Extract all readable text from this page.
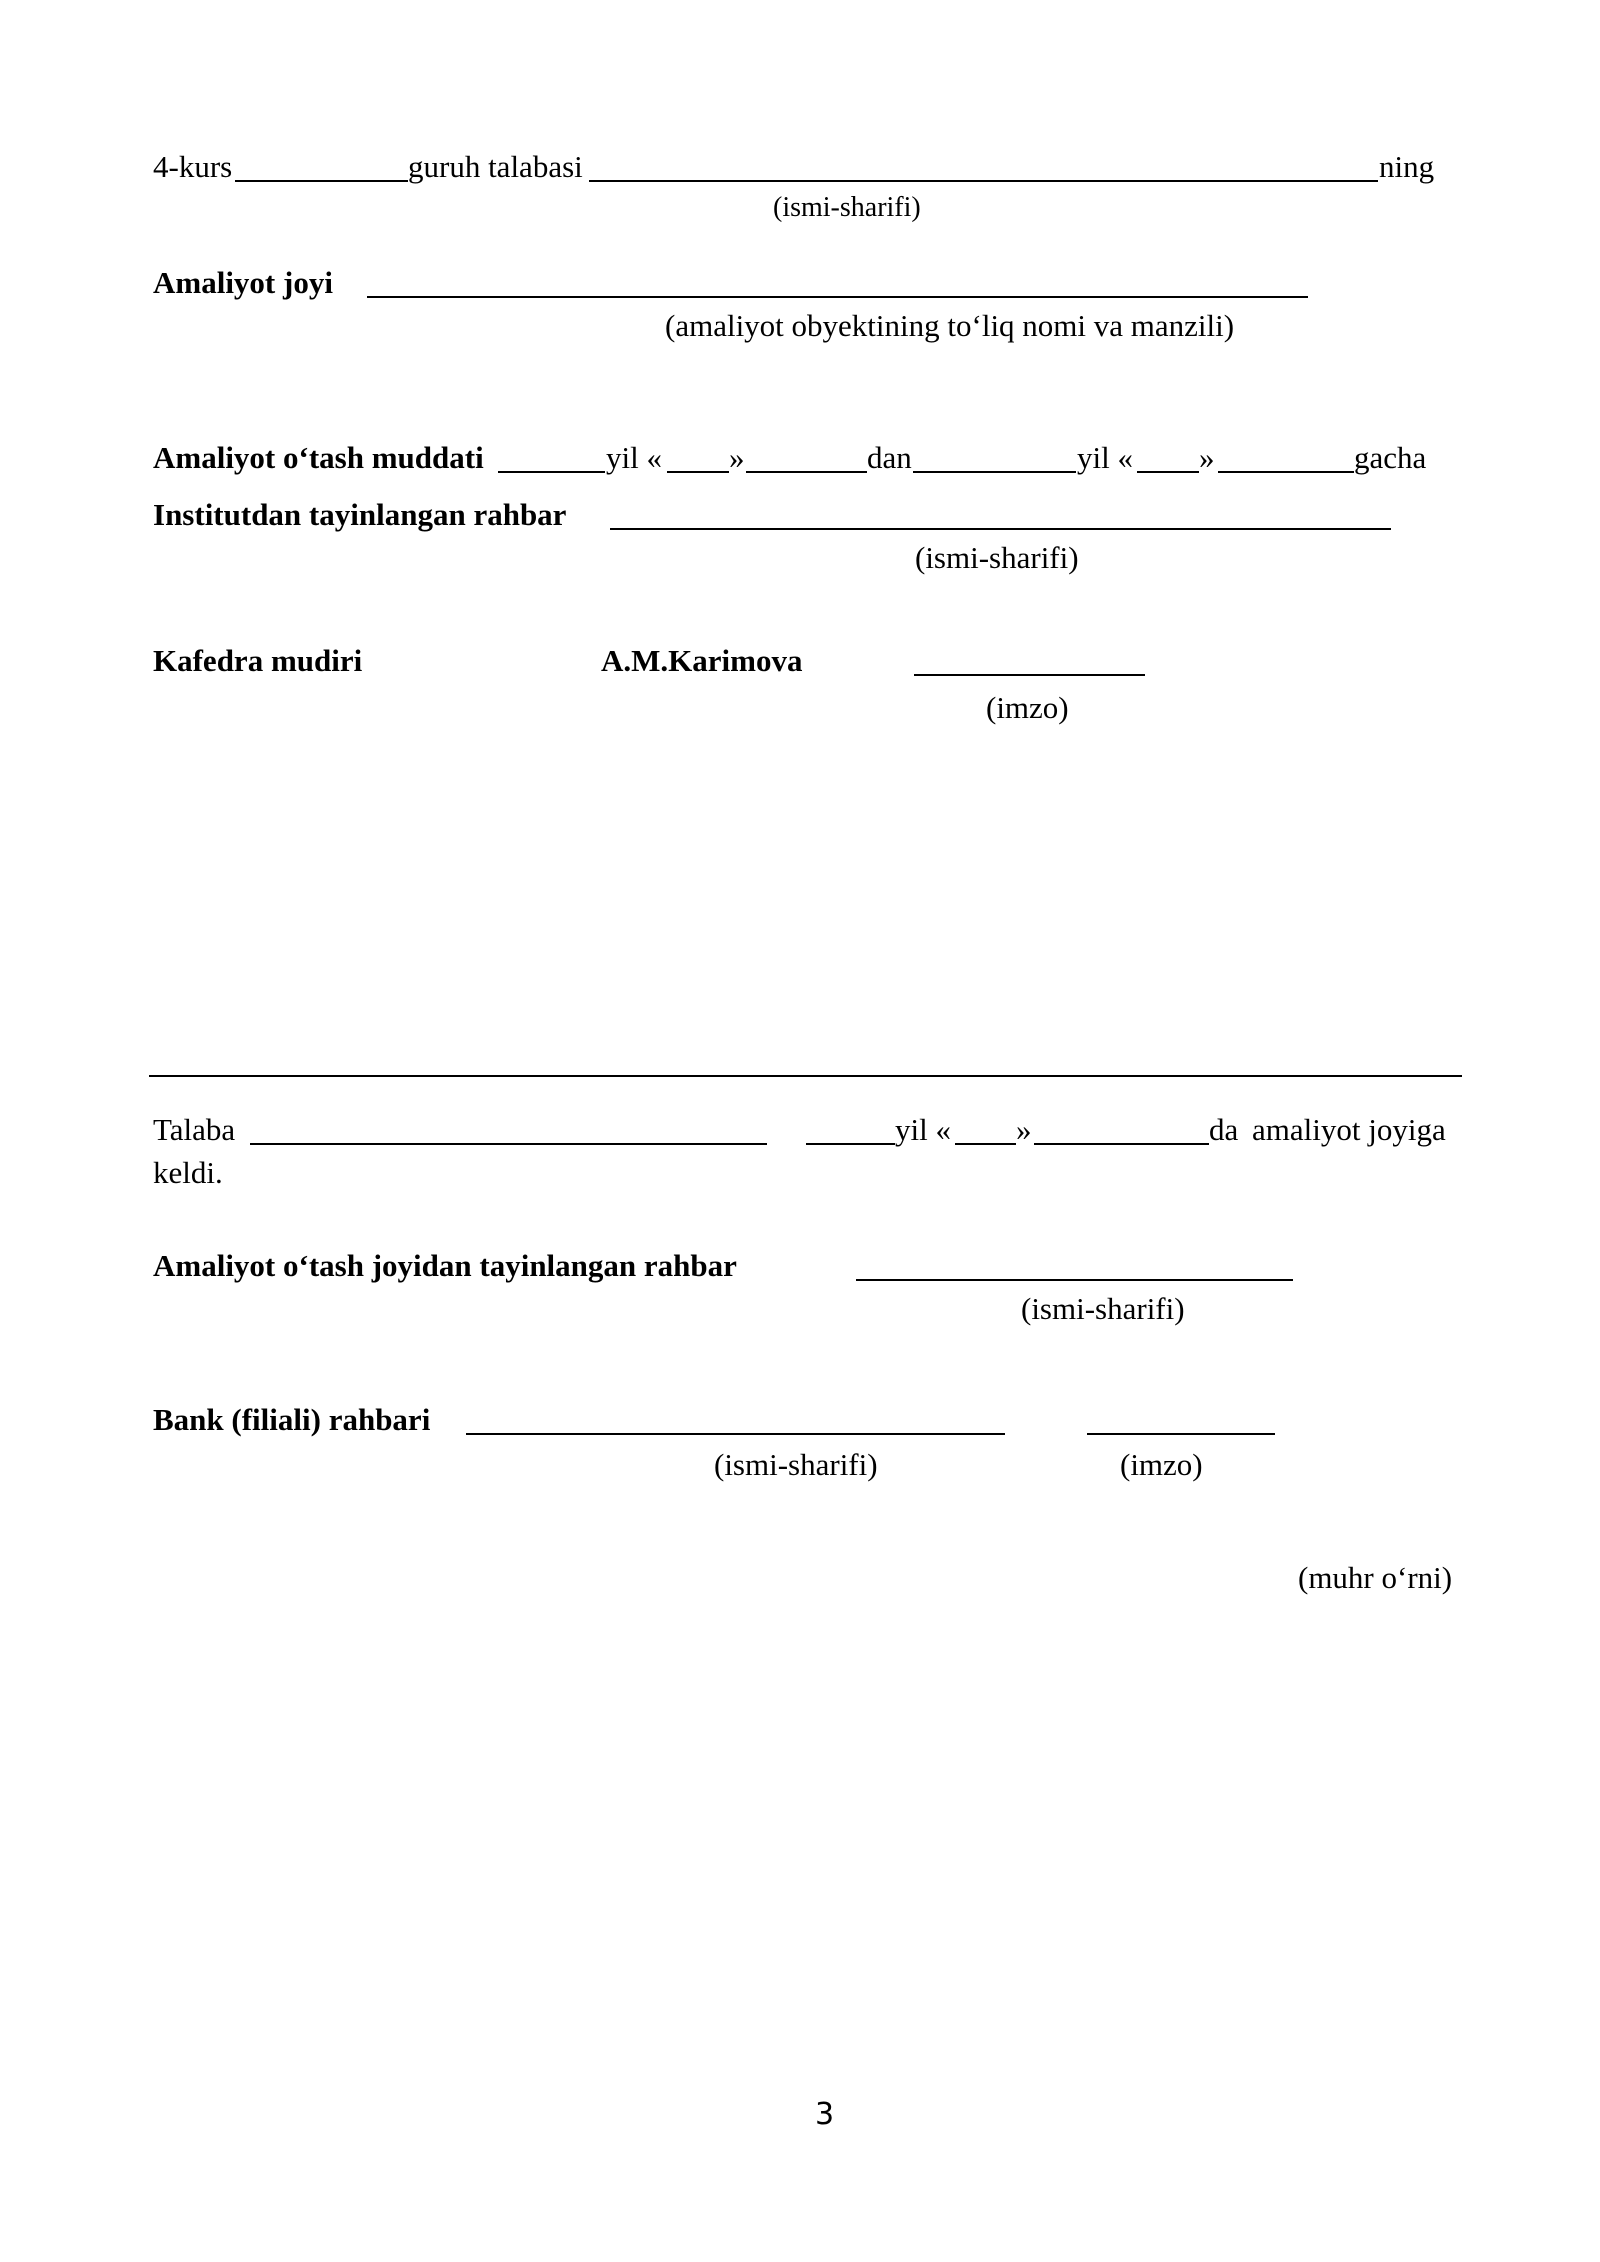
4-kurs	guruh talabasi	ning
(ismi-sharifi)
Amaliyot joyi
(amaliyot obyektining to‘liq nomi va manzili)
Amaliyot o‘tash muddati	yil « »	dan	yil « »	gacha
Institutdan tayinlangan rahbar
(ismi-sharifi)
Kafedra mudiri	A.M.Karimova
(imzo)
Talaba	yil « »	da amaliyot joyiga
keldi.
Amaliyot o‘tash joyidan tayinlangan rahbar
(ismi-sharifi)
Bank (filiali) rahbari
(ismi-sharifi)	(imzo)
(muhr o‘rni)
3
